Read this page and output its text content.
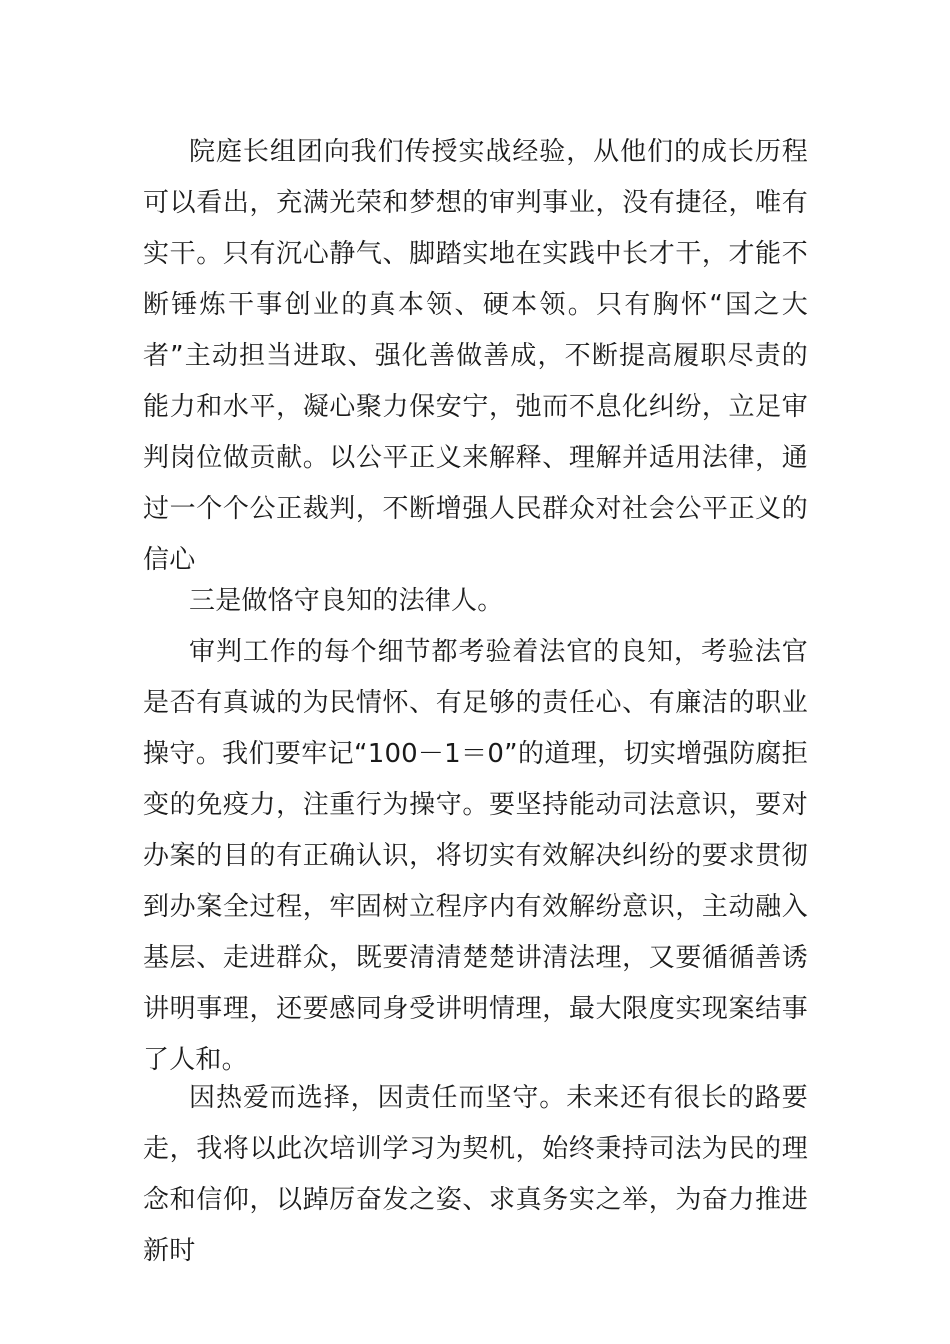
院庭长组团向我们传授实战经验，从他们的成长历程可以看出，充满光荣和梦想的审判事业，没有捷径，唯有实干。只有沉心静气、脚踏实地在实践中长才干，才能不断锤炼干事创业的真本领、硬本领。只有胸怀“国之大者”主动担当进取、强化善做善成，不断提高履职尽责的能力和水平，凝心聚力保安宁，弛而不息化纠纷，立足审判岗位做贡献。以公平正义来解释、理解并适用法律，通过一个个公正裁判，不断增强人民群众对社会公平正义的信心

三是做恪守良知的法律人。

审判工作的每个细节都考验着法官的良知，考验法官是否有真诚的为民情怀、有足够的责任心、有廉洁的职业操守。我们要牢记“100－1＝0”的道理，切实增强防腐拒变的免疫力，注重行为操守。要坚持能动司法意识，要对办案的目的有正确认识，将切实有效解决纠纷的要求贯彻到办案全过程，牢固树立程序内有效解纷意识，主动融入基层、走进群众，既要清清楚楚讲清法理，又要循循善诱讲明事理，还要感同身受讲明情理，最大限度实现案结事了人和。

因热爱而选择，因责任而坚守。未来还有很长的路要走，我将以此次培训学习为契机，始终秉持司法为民的理念和信仰，以踔厉奋发之姿、求真务实之举，为奋力推进新时
